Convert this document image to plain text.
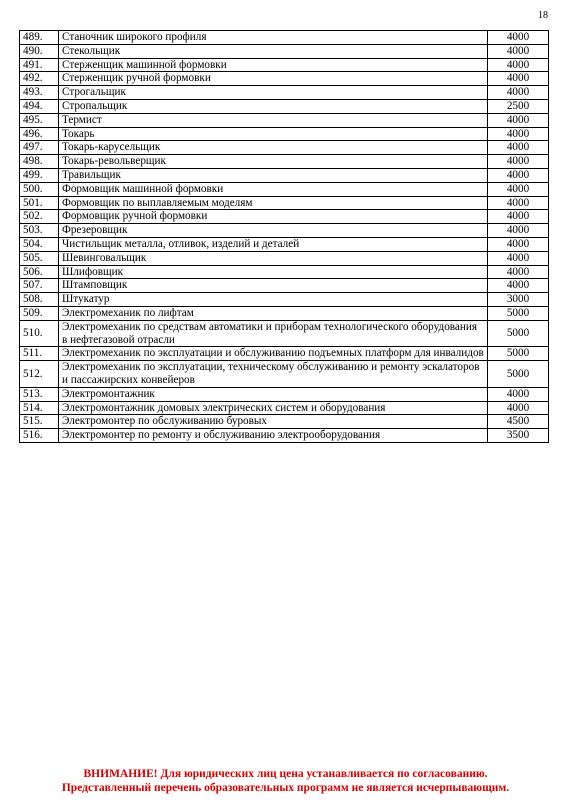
18
489.	Станочник широкого профиля	4000
490.	Стекольщик	4000
491.	Стерженщик машинной формовки	4000
492.	Стерженщик ручной формовки	4000
493.	Строгальщик	4000
494.	Стропальщик	2500
495.	Термист	4000
496.	Токарь	4000
497.	Токарь-карусельщик	4000
498.	Токарь-револьверщик	4000
499.	Травильщик	4000
500.	Формовщик машинной формовки	4000
501.	Формовщик по выплавляемым моделям	4000
502.	Формовщик ручной формовки	4000
503.	Фрезеровщик	4000
504.	Чистильщик металла, отливок, изделий и деталей	4000
505.	Шевинговальщик	4000
506.	Шлифовщик	4000
507.	Штамповщик	4000
508.	Штукатур	3000
509.	Электромеханик по лифтам	5000
510.	Электромеханик по средствам автоматики и приборам технологического оборудования в нефтегазовой отрасли	5000
511.	Электромеханик по эксплуатации и обслуживанию подъемных платформ для инвалидов	5000
512.	Электромеханик по эксплуатации, техническому обслуживанию и ремонту эскалаторов и пассажирских конвейеров	5000
513.	Электромонтажник	4000
514.	Электромонтажник домовых электрических систем и оборудования	4000
515.	Электромонтер по обслуживанию буровых	4500
516.	Электромонтер по ремонту и обслуживанию электрооборудования	3500
ВНИМАНИЕ! Для юридических лиц цена устанавливается по согласованию.
Представленный перечень образовательных программ не является исчерпывающим.
